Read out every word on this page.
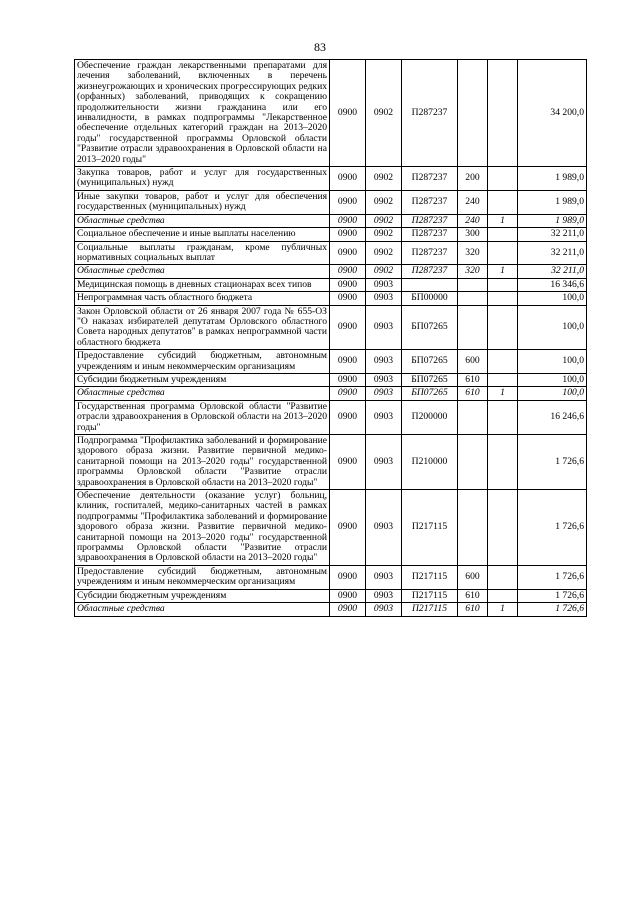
83
Обеспечение граждан лекарственными препаратами для лечения заболеваний, включенных в перечень жизнеугрожающих и хронических прогрессирующих редких (орфанных) заболеваний, приводящих к сокращению продолжительности жизни гражданина или его инвалидности, в рамках подпрограммы "Лекарственное обеспечение отдельных категорий граждан на 2013–2020 годы" государственной программы Орловской области "Развитие отрасли здравоохранения в Орловской области на 2013–2020 годы"	0900	0902	П287237			34 200,0
Закупка товаров, работ и услуг для государственных (муниципальных) нужд	0900	0902	П287237	200		1 989,0
Иные закупки товаров, работ и услуг для обеспечения государственных (муниципальных) нужд	0900	0902	П287237	240		1 989,0
Областные средства	0900	0902	П287237	240	1	1 989,0
Социальное обеспечение и иные выплаты населению	0900	0902	П287237	300		32 211,0
Социальные выплаты гражданам, кроме публичных нормативных социальных выплат	0900	0902	П287237	320		32 211,0
Областные средства	0900	0902	П287237	320	1	32 211,0
Медицинская помощь в дневных стационарах всех типов	0900	0903				16 346,6
Непрограммная часть областного бюджета	0900	0903	БП00000			100,0
Закон Орловской области от 26 января 2007 года № 655-ОЗ "О наказах избирателей депутатам Орловского областного Совета народных депутатов" в рамках непрограммной части областного бюджета	0900	0903	БП07265			100,0
Предоставление субсидий бюджетным, автономным учреждениям и иным некоммерческим организациям	0900	0903	БП07265	600		100,0
Субсидии бюджетным учреждениям	0900	0903	БП07265	610		100,0
Областные средства	0900	0903	БП07265	610	1	100,0
Государственная программа Орловской области "Развитие отрасли здравоохранения в Орловской области на 2013–2020 годы"	0900	0903	П200000			16 246,6
Подпрограмма "Профилактика заболеваний и формирование здорового образа жизни. Развитие первичной медико-санитарной помощи на 2013–2020 годы" государственной программы Орловской области "Развитие отрасли здравоохранения в Орловской области на 2013–2020 годы"	0900	0903	П210000			1 726,6
Обеспечение деятельности (оказание услуг) больниц, клиник, госпиталей, медико-санитарных частей в рамках подпрограммы "Профилактика заболеваний и формирование здорового образа жизни. Развитие первичной медико-санитарной помощи на 2013–2020 годы" государственной программы Орловской области "Развитие отрасли здравоохранения в Орловской области на 2013–2020 годы"	0900	0903	П217115			1 726,6
Предоставление субсидий бюджетным, автономным учреждениям и иным некоммерческим организациям	0900	0903	П217115	600		1 726,6
Субсидии бюджетным учреждениям	0900	0903	П217115	610		1 726,6
Областные средства	0900	0903	П217115	610	1	1 726,6
